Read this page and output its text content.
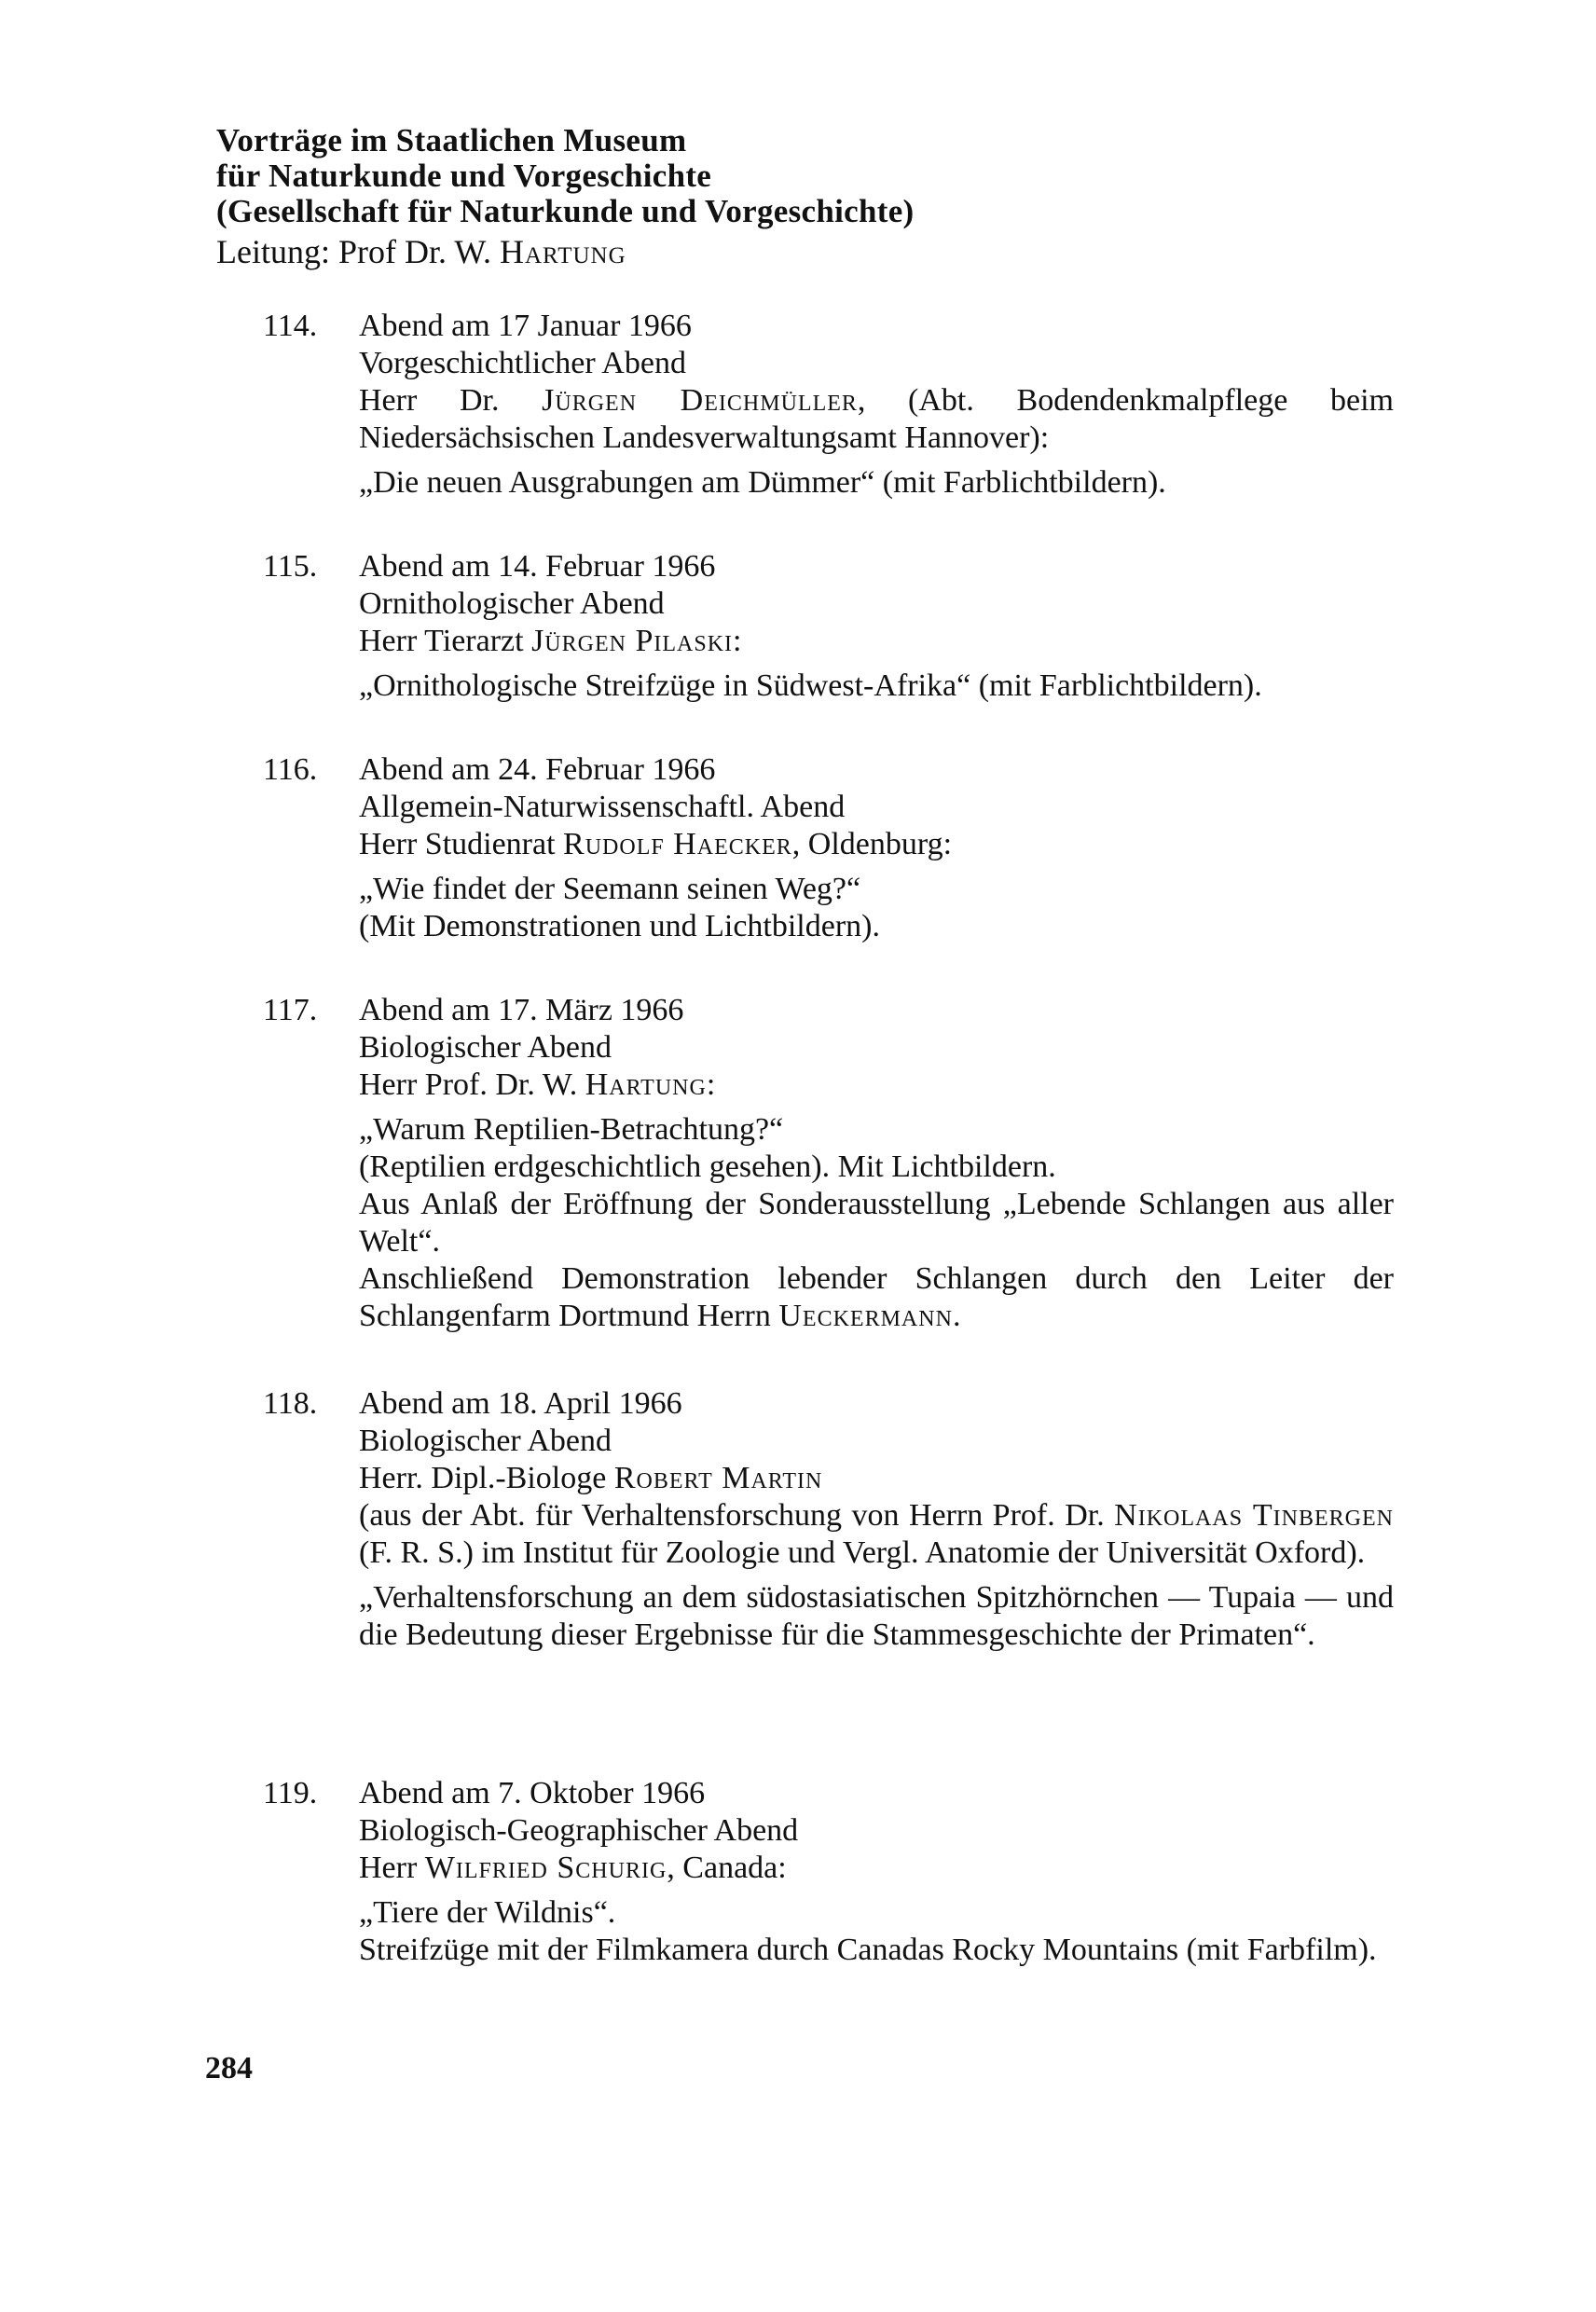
Vorträge im Staatlichen Museum
für Naturkunde und Vorgeschichte
(Gesellschaft für Naturkunde und Vorgeschichte)
Leitung: Prof Dr. W. Hartung
114. Abend am 17 Januar 1966

Vorgeschichtlicher Abend

Herr Dr. Jürgen Deichmüller, (Abt. Bodendenkmalpflege beim Niedersächsischen Landesverwaltungsamt Hannover):

„Die neuen Ausgrabungen am Dümmer“ (mit Farblichtbildern).

115. Abend am 14. Februar 1966

Ornithologischer Abend

Herr Tierarzt Jürgen Pilaski:

„Ornithologische Streifzüge in Südwest-Afrika“ (mit Farblichtbildern).

116. Abend am 24. Februar 1966

Allgemein-Naturwissenschaftl. Abend

Herr Studienrat Rudolf Haecker, Oldenburg:

„Wie findet der Seemann seinen Weg?“

(Mit Demonstrationen und Lichtbildern).

117. Abend am 17. März 1966

Biologischer Abend

Herr Prof. Dr. W. Hartung:

„Warum Reptilien-Betrachtung?“

(Reptilien erdgeschichtlich gesehen). Mit Lichtbildern.

Aus Anlaß der Eröffnung der Sonderausstellung „Lebende Schlangen aus aller Welt“.

Anschließend Demonstration lebender Schlangen durch den Leiter der Schlangenfarm Dortmund Herrn Ueckermann.

118. Abend am 18. April 1966

Biologischer Abend

Herr. Dipl.-Biologe Robert Martin

(aus der Abt. für Verhaltensforschung von Herrn Prof. Dr. Nikolaas Tinbergen (F. R. S.) im Institut für Zoologie und Vergl. Anatomie der Universität Oxford).

„Verhaltensforschung an dem südostasiatischen Spitzhörnchen — Tupaia — und die Bedeutung dieser Ergebnisse für die Stammesgeschichte der Primaten“.

119. Abend am 7. Oktober 1966

Biologisch-Geographischer Abend

Herr Wilfried Schurig, Canada:

„Tiere der Wildnis“.

Streifzüge mit der Filmkamera durch Canadas Rocky Mountains (mit Farbfilm).

284
